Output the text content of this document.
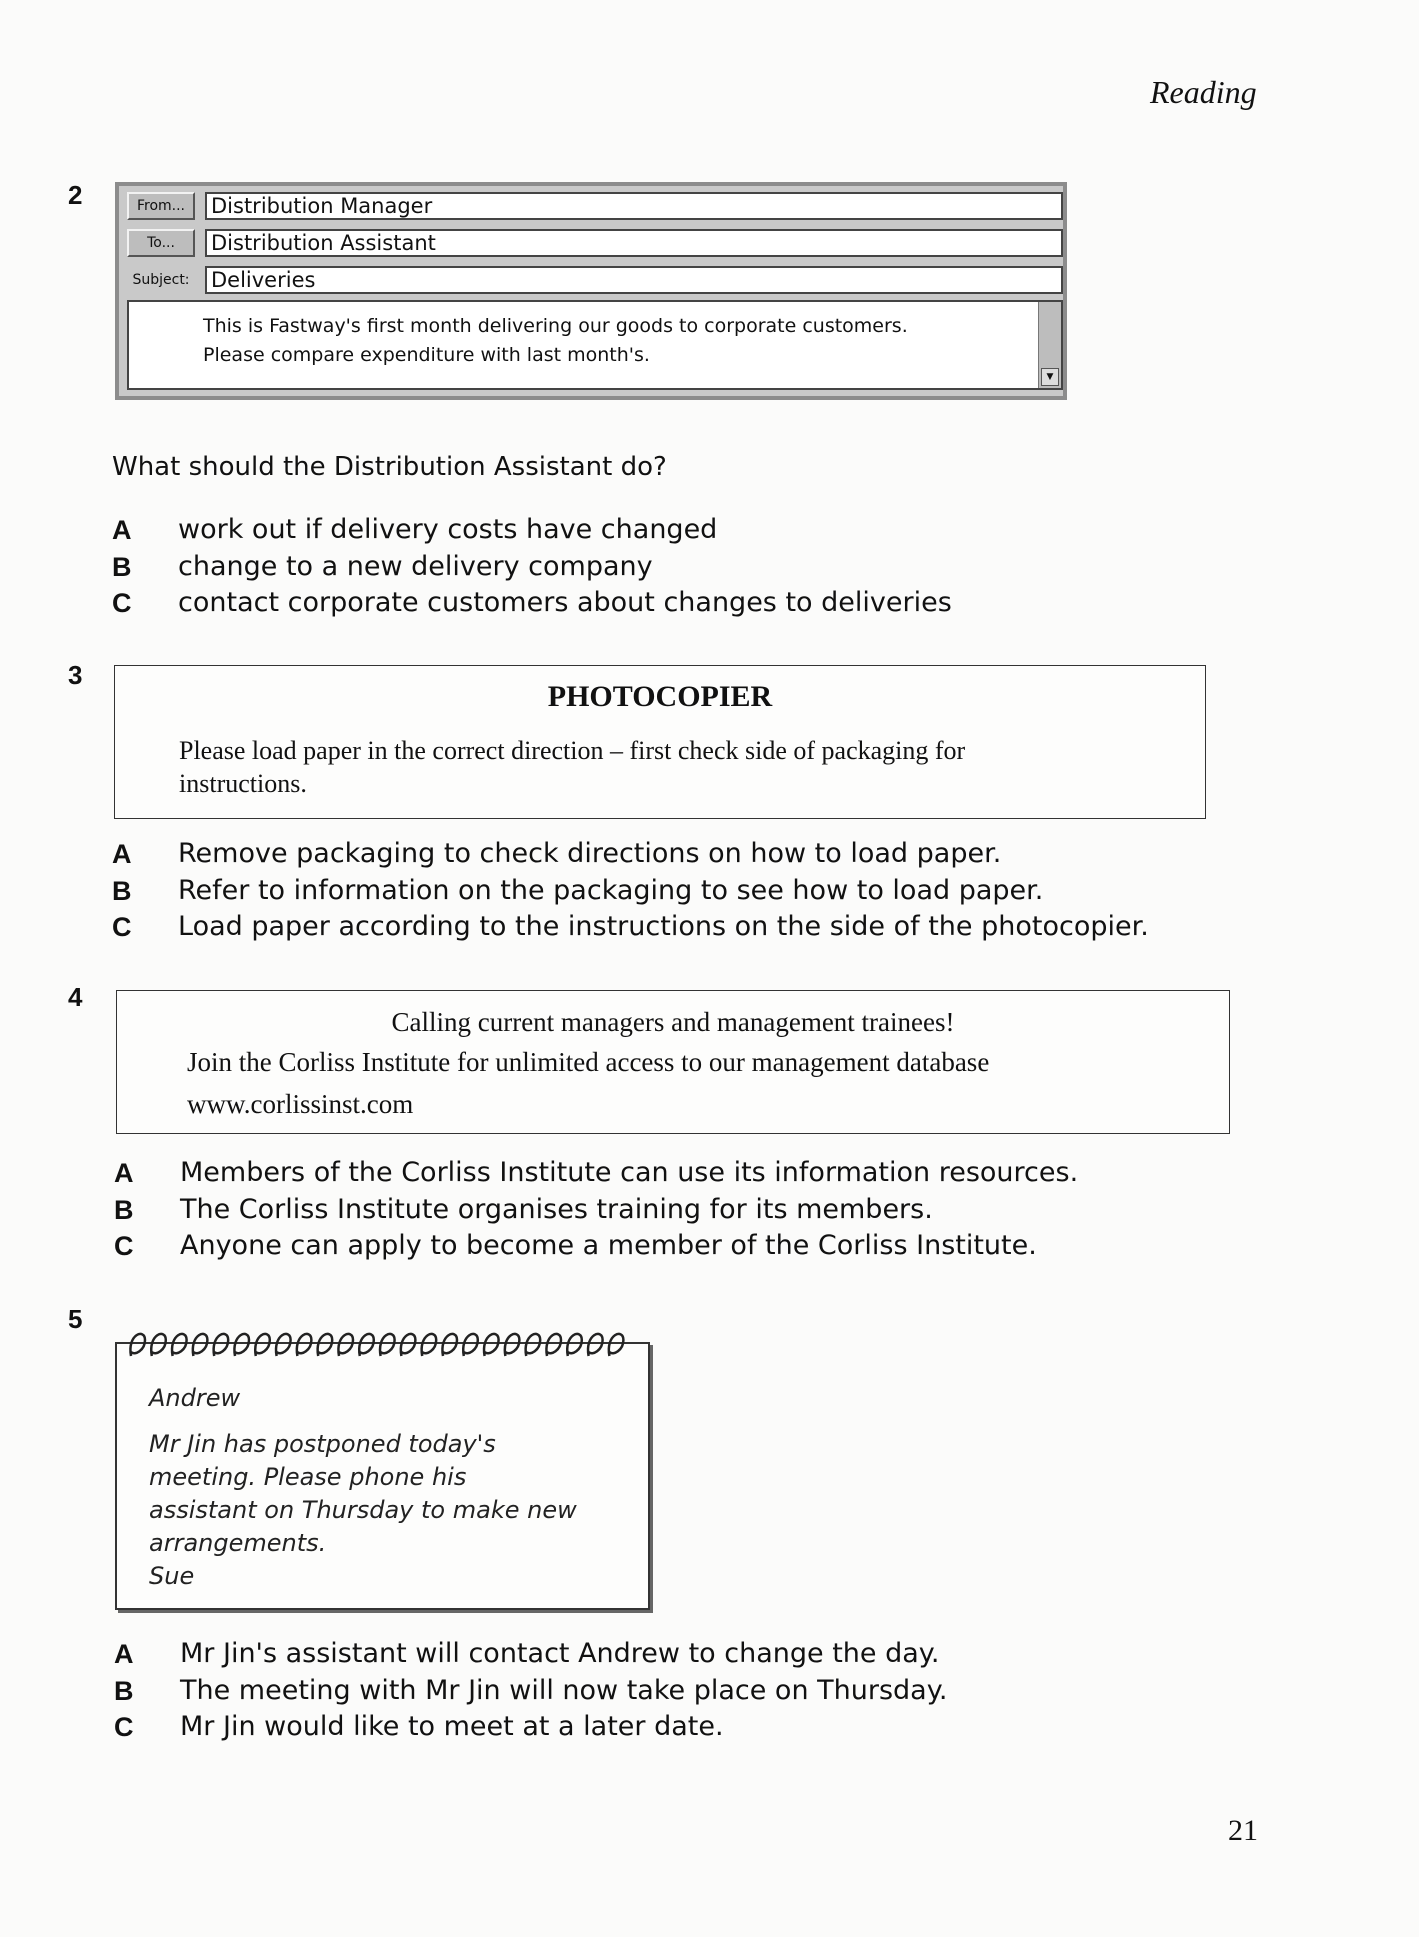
Reading
2	From...	Distribution Manager
To...	Distribution Assistant
Subject: Deliveries
This is Fastway's first month delivering our goods to corporate customers.
Please compare expenditure with last month's.
▼
What should the Distribution Assistant do?
A	work out if delivery costs have changed
B	change to a new delivery company
C	contact corporate customers about changes to deliveries
3
PHOTOCOPIER
Please load paper in the correct direction – first check side of packaging for
instructions.
A	Remove packaging to check directions on how to load paper.
B	Refer to information on the packaging to see how to load paper.
C	Load paper according to the instructions on the side of the photocopier.
4
Calling current managers and management trainees!
Join the Corliss Institute for unlimited access to our management database
www.corlissinst.com
A	Members of the Corliss Institute can use its information resources.
B	The Corliss Institute organises training for its members.
C	Anyone can apply to become a member of the Corliss Institute.
5
Andrew
Mr Jin has postponed today's
meeting. Please phone his
assistant on Thursday to make new
arrangements.
Sue
A	Mr Jin's assistant will contact Andrew to change the day.
B	The meeting with Mr Jin will now take place on Thursday.
C	Mr Jin would like to meet at a later date.
21
